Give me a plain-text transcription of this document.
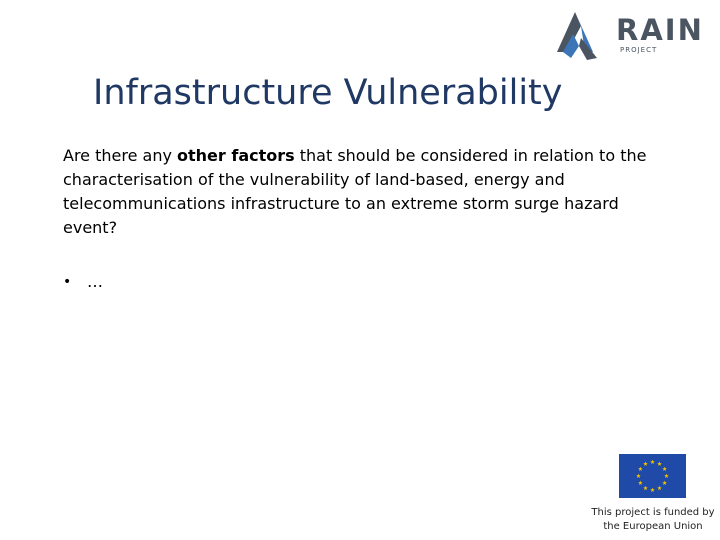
RAIN
PROJECT
Infrastructure Vulnerability

Are there any other factors that should be considered in relation to the characterisation of the vulnerability of land-based, energy and telecommunications infrastructure to an extreme storm surge hazard event?

• …
This project is funded by
the European Union
